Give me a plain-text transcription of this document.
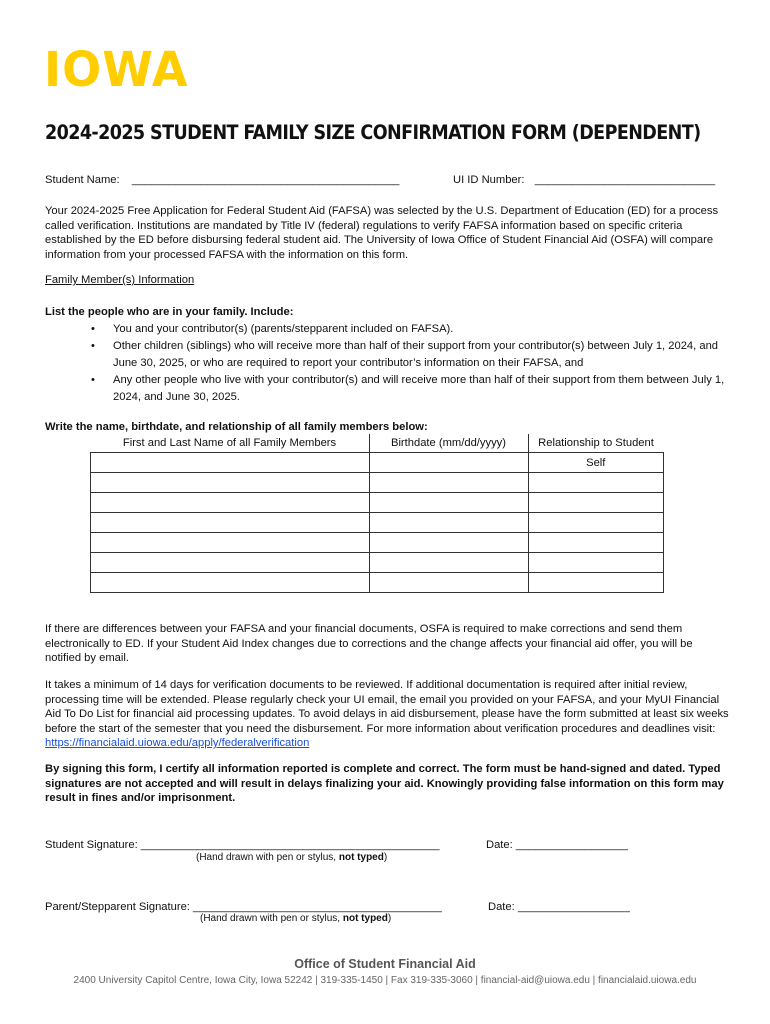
IOWA
2024-2025 STUDENT FAMILY SIZE CONFIRMATION FORM (DEPENDENT)
Student Name: ___________________________________________	UI ID Number: _____________________________
Your 2024-2025 Free Application for Federal Student Aid (FAFSA) was selected by the U.S. Department of Education (ED) for a process called verification. Institutions are mandated by Title IV (federal) regulations to verify FAFSA information based on specific criteria established by the ED before disbursing federal student aid. The University of Iowa Office of Student Financial Aid (OSFA) will compare information from your processed FAFSA with the information on this form.
Family Member(s) Information
List the people who are in your family. Include:
• You and your contributor(s) (parents/stepparent included on FAFSA).
• Other children (siblings) who will receive more than half of their support from your contributor(s) between July 1, 2024, and June 30, 2025, or who are required to report your contributor’s information on their FAFSA, and
• Any other people who live with your contributor(s) and will receive more than half of their support from them between July 1, 2024, and June 30, 2025.
Write the name, birthdate, and relationship of all family members below:
First and Last Name of all Family Members	Birthdate (mm/dd/yyyy)	Relationship to Student
		Self

If there are differences between your FAFSA and your financial documents, OSFA is required to make corrections and send them electronically to ED. If your Student Aid Index changes due to corrections and the change affects your financial aid offer, you will be notified by email.
It takes a minimum of 14 days for verification documents to be reviewed. If additional documentation is required after initial review, processing time will be extended. Please regularly check your UI email, the email you provided on your FAFSA, and your MyUI Financial Aid To Do List for financial aid processing updates. To avoid delays in aid disbursement, please have the form submitted at least six weeks before the start of the semester that you need the disbursement. For more information about verification procedures and deadlines visit: https://financialaid.uiowa.edu/apply/federalverification
By signing this form, I certify all information reported is complete and correct. The form must be hand-signed and dated. Typed signatures are not accepted and will result in delays finalizing your aid. Knowingly providing false information on this form may result in fines and/or imprisonment.
Student Signature: ________________________________________________	Date: __________________
(Hand drawn with pen or stylus, not typed)
Parent/Stepparent Signature: ________________________________________	Date: __________________
(Hand drawn with pen or stylus, not typed)
Office of Student Financial Aid
2400 University Capitol Centre, Iowa City, Iowa 52242 | 319-335-1450 | Fax 319-335-3060 | financial-aid@uiowa.edu | financialaid.uiowa.edu
